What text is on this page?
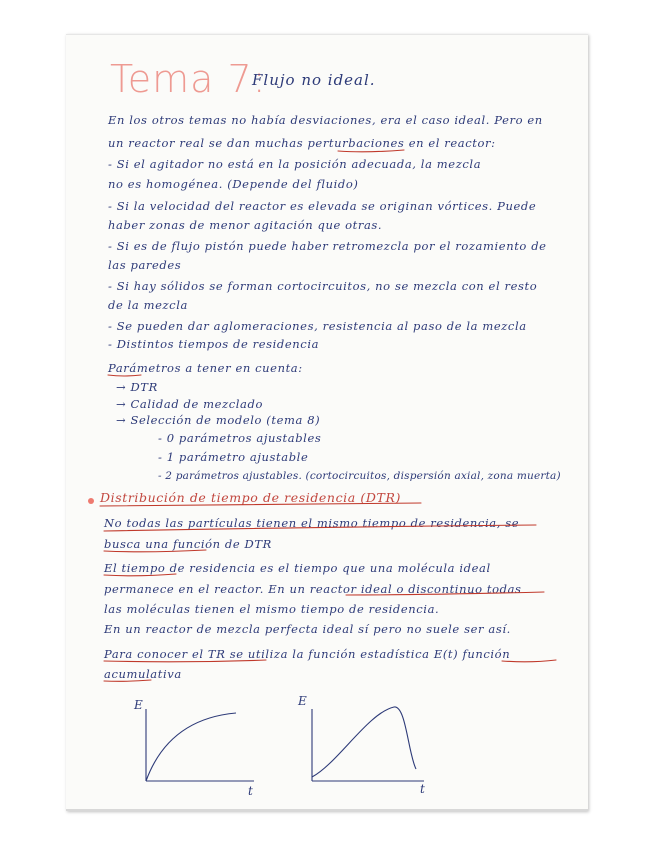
Tema 7:
Flujo no ideal.
En los otros temas no había desviaciones, era el caso ideal. Pero en
un reactor real se dan muchas perturbaciones en el reactor:
- Si el agitador no está en la posición adecuada, la mezcla
no es homogénea. (Depende del fluido)
- Si la velocidad del reactor es elevada se originan vórtices. Puede
haber zonas de menor agitación que otras.
- Si es de flujo pistón puede haber retromezcla por el rozamiento de
las paredes
- Si hay sólidos se forman cortocircuitos, no se mezcla con el resto
de la mezcla
- Se pueden dar aglomeraciones, resistencia al paso de la mezcla
- Distintos tiempos de residencia
Parámetros a tener en cuenta:
→ DTR
→ Calidad de mezclado
→ Selección de modelo (tema 8)
- 0 parámetros ajustables
- 1 parámetro ajustable
- 2 parámetros ajustables. (cortocircuitos, dispersión axial, zona muerta)
Distribución de tiempo de residencia (DTR)
No todas las partículas tienen el mismo tiempo de residencia, se
busca una función de DTR
El tiempo de residencia es el tiempo que una molécula ideal
permanece en el reactor. En un reactor ideal o discontinuo todas
las moléculas tienen el mismo tiempo de residencia.
En un reactor de mezcla perfecta ideal sí pero no suele ser así.
Para conocer el TR se utiliza la función estadística E(t) función
acumulativa
E
t
E
t
